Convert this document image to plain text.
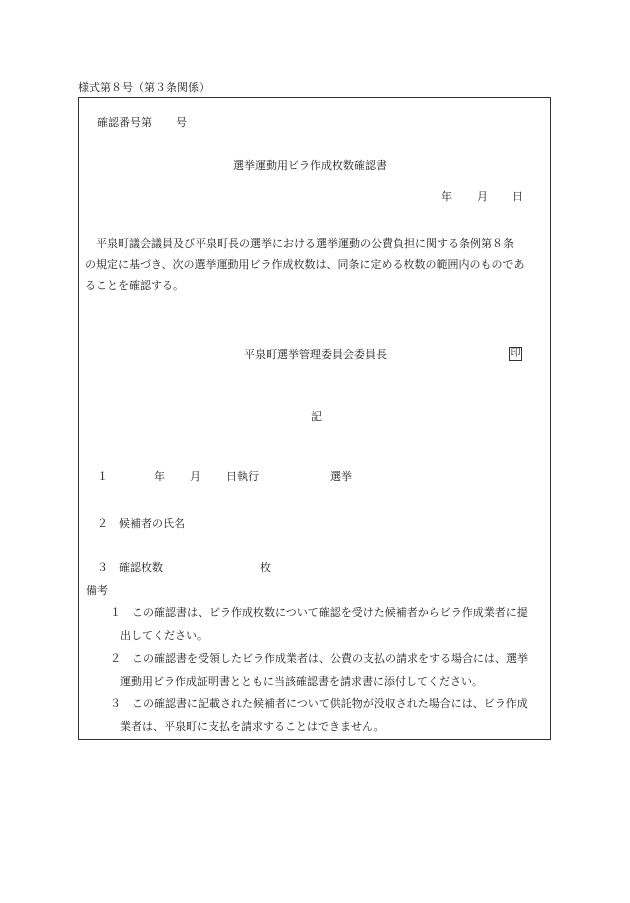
様式第８号（第３条関係）
確認番号第 号
選挙運動用ビラ作成枚数確認書
年 月 日
平泉町議会議員及び平泉町長の選挙における選挙運動の公費負担に関する条例第８条
の規定に基づき、次の選挙運動用ビラ作成枚数は、同条に定める枚数の範囲内のものであ
ることを確認する。
平泉町選挙管理委員会委員長	印
記
１	年 月 日執行	選挙
２ 候補者の氏名
３ 確認枚数	枚
備考
１ この確認書は、ビラ作成枚数について確認を受けた候補者からビラ作成業者に提
出してください。
２ この確認書を受領したビラ作成業者は、公費の支払の請求をする場合には、選挙
運動用ビラ作成証明書とともに当該確認書を請求書に添付してください。
３ この確認書に記載された候補者について供託物が没収された場合には、ビラ作成
業者は、平泉町に支払を請求することはできません。
